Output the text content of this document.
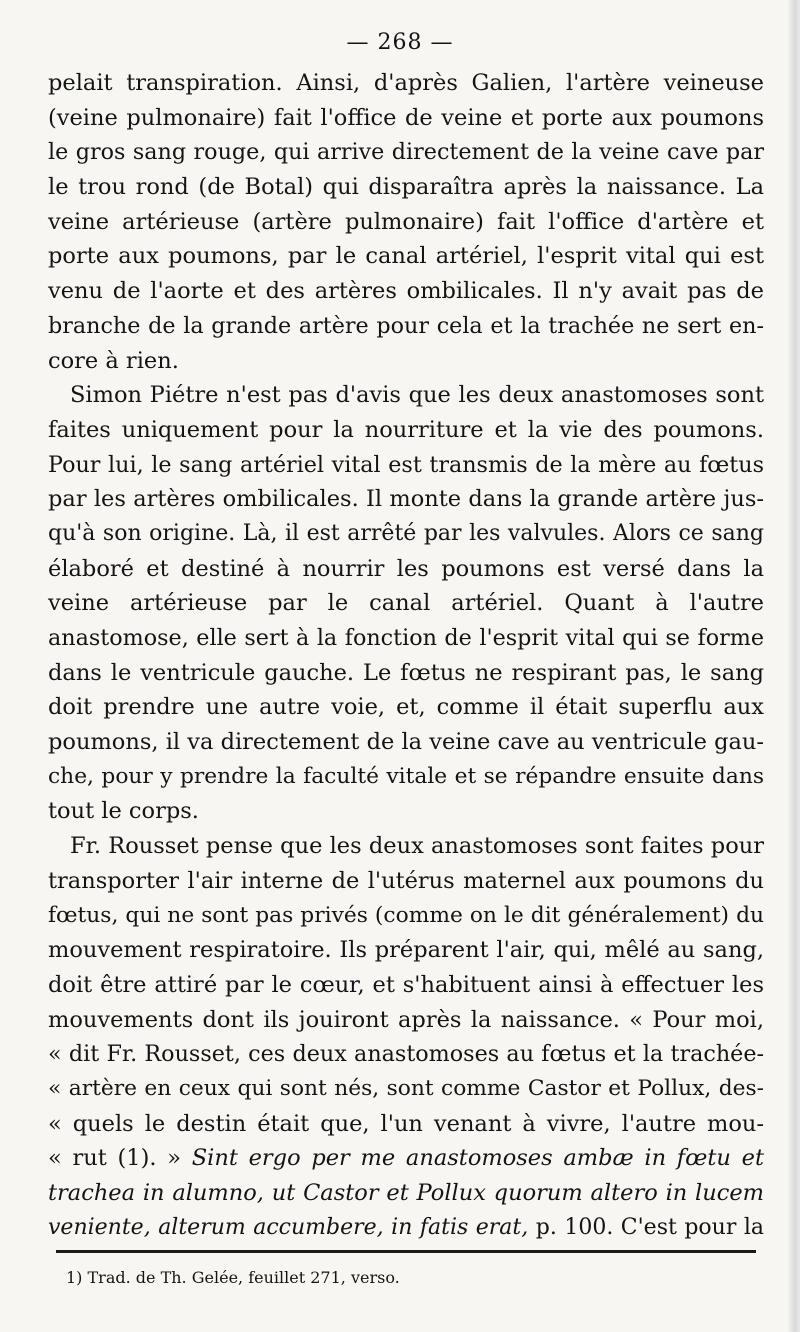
— 268 —
pelait transpiration. Ainsi, d'après Galien, l'artère veineuse
(veine pulmonaire) fait l'office de veine et porte aux poumons
le gros sang rouge, qui arrive directement de la veine cave par
le trou rond (de Botal) qui disparaîtra après la naissance. La
veine artérieuse (artère pulmonaire) fait l'office d'artère et
porte aux poumons, par le canal artériel, l'esprit vital qui est
venu de l'aorte et des artères ombilicales. Il n'y avait pas de
branche de la grande artère pour cela et la trachée ne sert en-
core à rien.
Simon Piétre n'est pas d'avis que les deux anastomoses sont
faites uniquement pour la nourriture et la vie des poumons.
Pour lui, le sang artériel vital est transmis de la mère au fœtus
par les artères ombilicales. Il monte dans la grande artère jus-
qu'à son origine. Là, il est arrêté par les valvules. Alors ce sang
élaboré et destiné à nourrir les poumons est versé dans la
veine artérieuse par le canal artériel. Quant à l'autre
anastomose, elle sert à la fonction de l'esprit vital qui se forme
dans le ventricule gauche. Le fœtus ne respirant pas, le sang
doit prendre une autre voie, et, comme il était superflu aux
poumons, il va directement de la veine cave au ventricule gau-
che, pour y prendre la faculté vitale et se répandre ensuite dans
tout le corps.
Fr. Rousset pense que les deux anastomoses sont faites pour
transporter l'air interne de l'utérus maternel aux poumons du
fœtus, qui ne sont pas privés (comme on le dit généralement) du
mouvement respiratoire. Ils préparent l'air, qui, mêlé au sang,
doit être attiré par le cœur, et s'habituent ainsi à effectuer les
mouvements dont ils jouiront après la naissance. « Pour moi,
« dit Fr. Rousset, ces deux anastomoses au fœtus et la trachée-
« artère en ceux qui sont nés, sont comme Castor et Pollux, des-
« quels le destin était que, l'un venant à vivre, l'autre mou-
« rut (1). » Sint ergo per me anastomoses ambæ in fœtu et
trachea in alumno, ut Castor et Pollux quorum altero in lucem
veniente, alterum accumbere, in fatis erat, p. 100. C'est pour la
1) Trad. de Th. Gelée, feuillet 271, verso.
